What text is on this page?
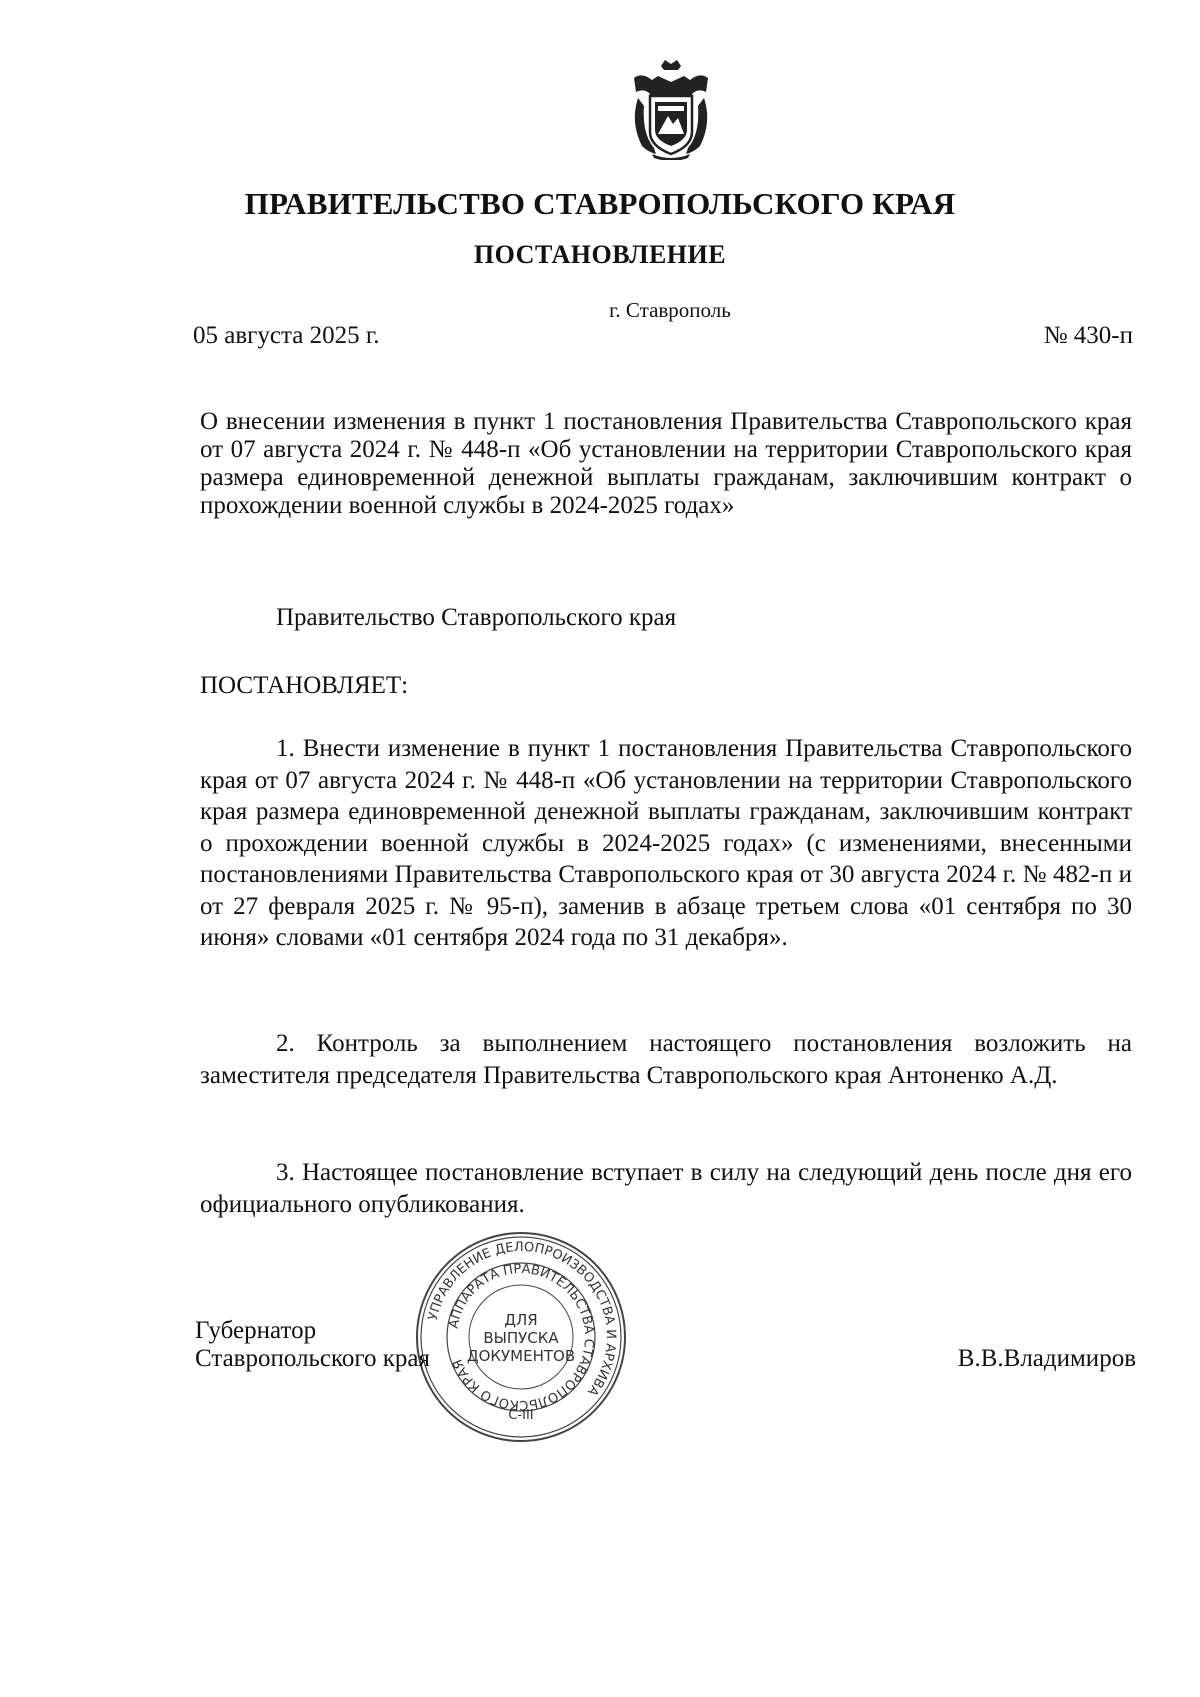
ПРАВИТЕЛЬСТВО СТАВРОПОЛЬСКОГО КРАЯ
ПОСТАНОВЛЕНИЕ
г. Ставрополь
05 августа 2025 г.	№ 430-п

О внесении изменения в пункт 1 постановления Правительства Ставропольского края от 07 августа 2024 г. № 448-п «Об установлении на территории Ставропольского края размера единовременной денежной выплаты гражданам, заключившим контракт о прохождении военной службы в 2024-2025 годах»

Правительство Ставропольского края

ПОСТАНОВЛЯЕТ:

1. Внести изменение в пункт 1 постановления Правительства Ставропольского края от 07 августа 2024 г. № 448-п «Об установлении на территории Ставропольского края размера единовременной денежной выплаты гражданам, заключившим контракт о прохождении военной службы в 2024-2025 годах» (с изменениями, внесенными постановлениями Правительства Ставропольского края от 30 августа 2024 г. № 482-п и от 27 февраля 2025 г. № 95-п), заменив в абзаце третьем слова «01 сентября по 30 июня» словами «01 сентября 2024 года по 31 декабря».

2. Контроль за выполнением настоящего постановления возложить на заместителя председателя Правительства Ставропольского края Антоненко А.Д.

3. Настоящее постановление вступает в силу на следующий день после дня его официального опубликования.

УПРАВЛЕНИЕ ДЕЛОПРОИЗВОДСТВА И АРХИВА
АППАРАТА ПРАВИТЕЛЬСТВА СТАВРОПОЛЬСКОГО КРАЯ
ДЛЯ
ВЫПУСКА
ДОКУМЕНТОВ
С-III
Губернатор
Ставропольского края	В.В.Владимиров
